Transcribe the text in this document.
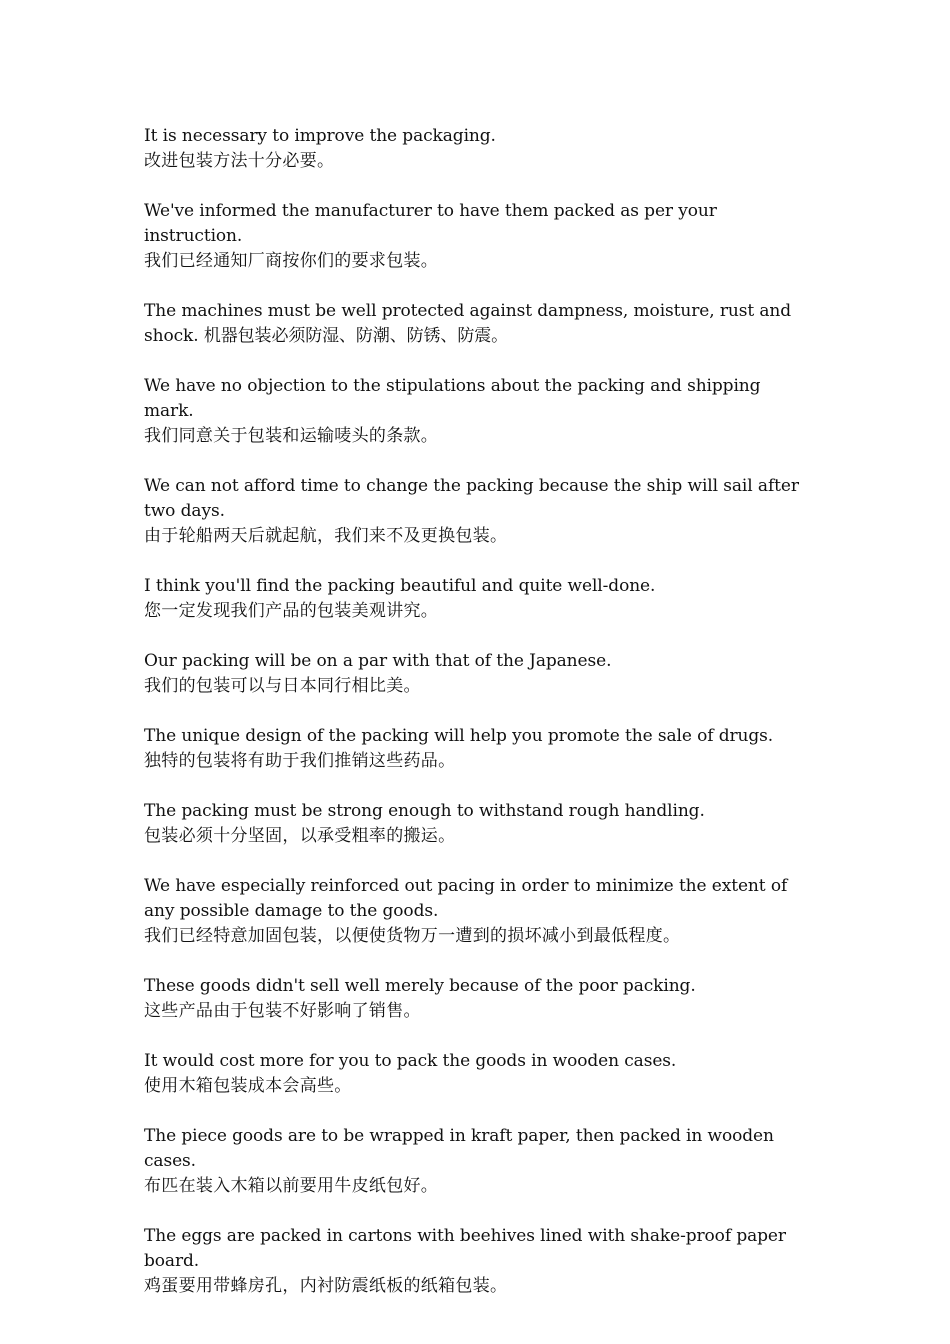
It is necessary to improve the packaging.

改进包装方法十分必要。

We've informed the manufacturer to have them packed as per your instruction.

我们已经通知厂商按你们的要求包装。

The machines must be well protected against dampness, moisture, rust and shock. 机器包装必须防湿、防潮、防锈、防震。

We have no objection to the stipulations about the packing and shipping mark.

我们同意关于包装和运输唛头的条款。

We can not afford time to change the packing because the ship will sail after two days.

由于轮船两天后就起航，我们来不及更换包装。

I think you'll find the packing beautiful and quite well-done.

您一定发现我们产品的包装美观讲究。

Our packing will be on a par with that of the Japanese.

我们的包装可以与日本同行相比美。

The unique design of the packing will help you promote the sale of drugs.

独特的包装将有助于我们推销这些药品。

The packing must be strong enough to withstand rough handling.

包装必须十分坚固，以承受粗率的搬运。

We have especially reinforced out pacing in order to minimize the extent of any possible damage to the goods.

我们已经特意加固包装，以便使货物万一遭到的损坏减小到最低程度。

These goods didn't sell well merely because of the poor packing.

这些产品由于包装不好影响了销售。

It would cost more for you to pack the goods in wooden cases.

使用木箱包装成本会高些。

The piece goods are to be wrapped in kraft paper, then packed in wooden cases.

布匹在装入木箱以前要用牛皮纸包好。

The eggs are packed in cartons with beehives lined with shake-proof paper board.

鸡蛋要用带蜂房孔，内衬防震纸板的纸箱包装。
